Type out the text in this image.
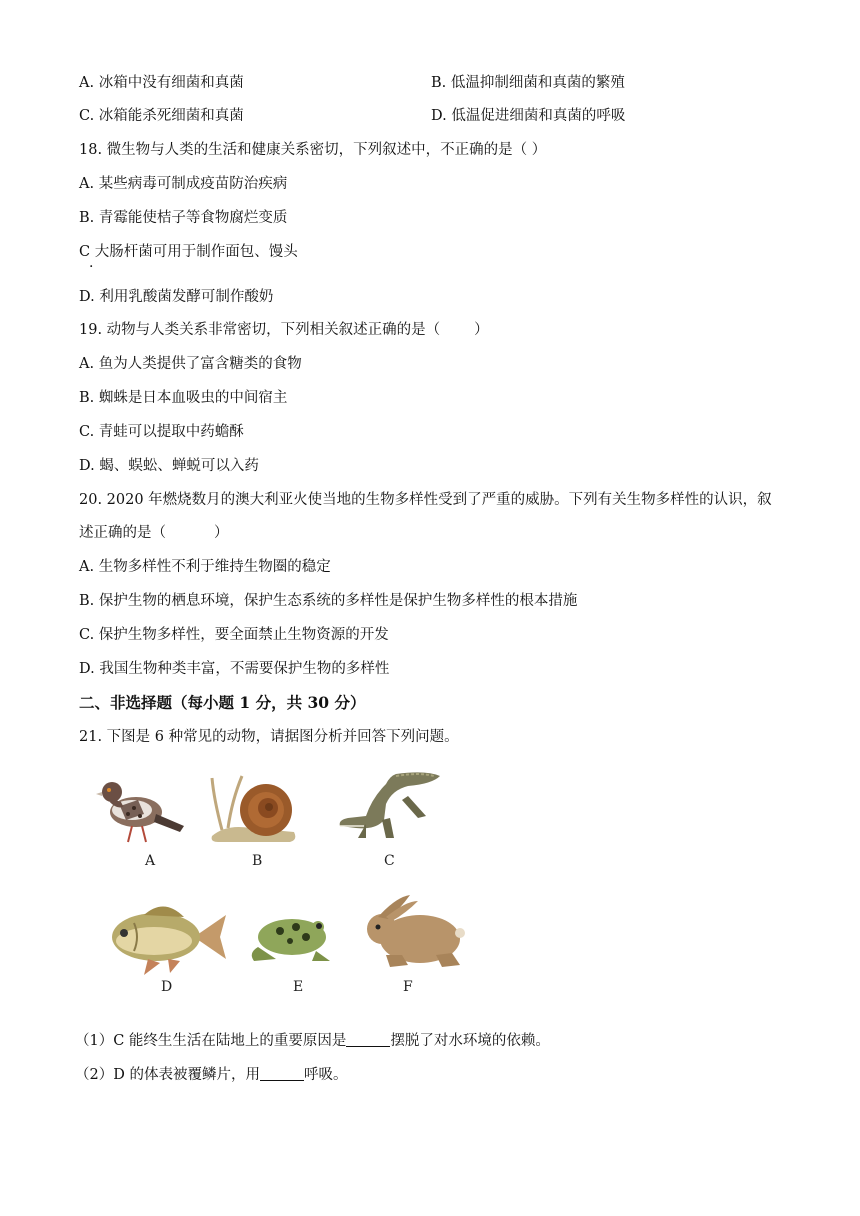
A. 冰箱中没有细菌和真菌	B. 低温抑制细菌和真菌的繁殖
C. 冰箱能杀死细菌和真菌	D. 低温促进细菌和真菌的呼吸
18. 微生物与人类的生活和健康关系密切，下列叙述中，不正确的是（ ）
A. 某些病毒可制成疫苗防治疾病
B. 青霉能使桔子等食物腐烂变质
C 大肠杆菌可用于制作面包、馒头
·
D. 利用乳酸菌发酵可制作酸奶
19. 动物与人类关系非常密切，下列相关叙述正确的是（ ）
A. 鱼为人类提供了富含糖类的食物
B. 蜘蛛是日本血吸虫的中间宿主
C. 青蛙可以提取中药蟾酥
D. 蝎、蜈蚣、蝉蜕可以入药
20. 2020 年燃烧数月的澳大利亚火使当地的生物多样性受到了严重的威胁。下列有关生物多样性的认识，叙
述正确的是（	）
A. 生物多样性不利于维持生物圈的稳定
B. 保护生物的栖息环境，保护生态系统的多样性是保护生物多样性的根本措施
C. 保护生物多样性，要全面禁止生物资源的开发
D. 我国生物种类丰富，不需要保护生物的多样性
二、非选择题（每小题 1 分，共 30 分）
21. 下图是 6 种常见的动物，请据图分析并回答下列问题。
A	B	C
D	E	F
（1）C 能终生生活在陆地上的重要原因是	摆脱了对水环境的依赖。
（2）D 的体表被覆鳞片，用	呼吸。
